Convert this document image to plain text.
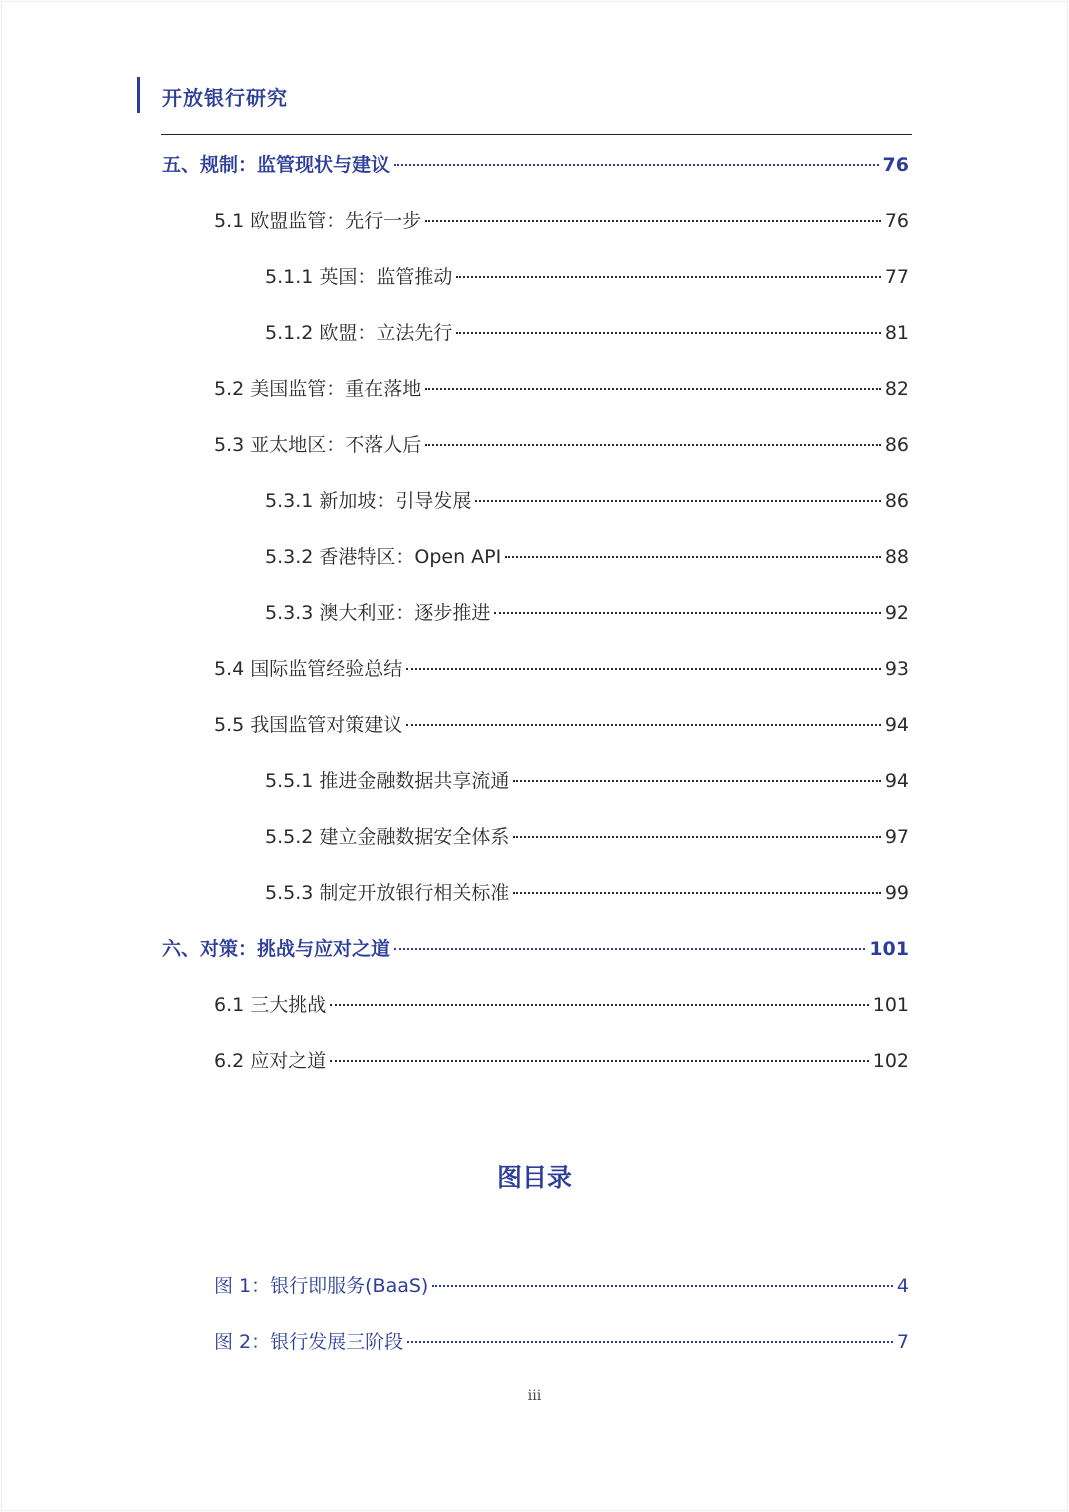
开放银行研究
五、规制：监管现状与建议	76
5.1 欧盟监管：先行一步	76
5.1.1 英国：监管推动	77
5.1.2 欧盟：立法先行	81
5.2 美国监管：重在落地	82
5.3 亚太地区：不落人后	86
5.3.1 新加坡：引导发展	86
5.3.2 香港特区：Open API	88
5.3.3 澳大利亚：逐步推进	92
5.4 国际监管经验总结	93
5.5 我国监管对策建议	94
5.5.1 推进金融数据共享流通	94
5.5.2 建立金融数据安全体系	97
5.5.3 制定开放银行相关标准	99
六、对策：挑战与应对之道	101
6.1 三大挑战	101
6.2 应对之道	102
图目录
图 1：银行即服务(BaaS)	4
图 2：银行发展三阶段	7
iii
